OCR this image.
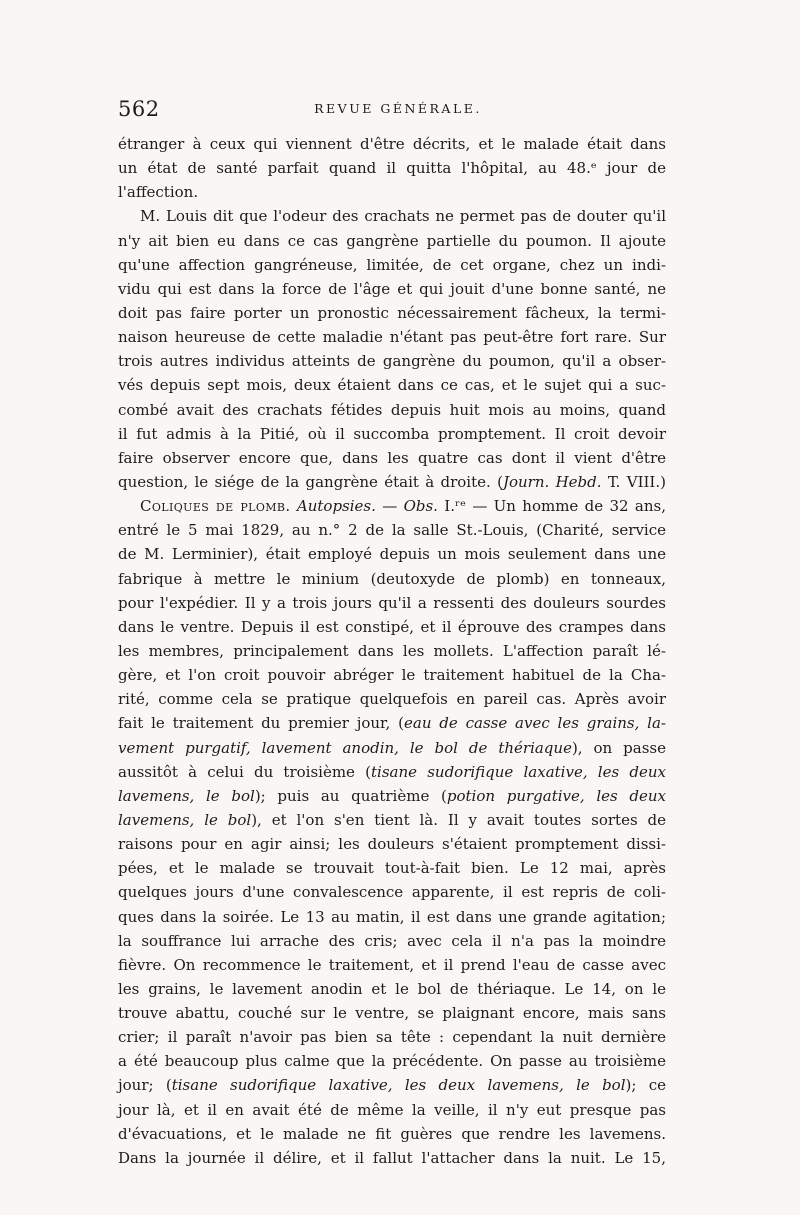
562	REVUE GÉNÉRALE.
étranger à ceux qui viennent d'être décrits, et le malade était dans
un état de santé parfait quand il quitta l'hôpital, au 48.ᵉ jour de
l'affection.
M. Louis dit que l'odeur des crachats ne permet pas de douter qu'il
n'y ait bien eu dans ce cas gangrène partielle du poumon. Il ajoute
qu'une affection gangréneuse, limitée, de cet organe, chez un indi-
vidu qui est dans la force de l'âge et qui jouit d'une bonne santé, ne
doit pas faire porter un pronostic nécessairement fâcheux, la termi-
naison heureuse de cette maladie n'étant pas peut-être fort rare. Sur
trois autres individus atteints de gangrène du poumon, qu'il a obser-
vés depuis sept mois, deux étaient dans ce cas, et le sujet qui a suc-
combé avait des crachats fétides depuis huit mois au moins, quand
il fut admis à la Pitié, où il succomba promptement. Il croit devoir
faire observer encore que, dans les quatre cas dont il vient d'être
question, le siége de la gangrène était à droite. (Journ. Hebd. T. VIII.)
Coliques de plomb. Autopsies. — Obs. I.ʳᵉ — Un homme de 32 ans,
entré le 5 mai 1829, au n.° 2 de la salle St.-Louis, (Charité, service
de M. Lerminier), était employé depuis un mois seulement dans une
fabrique à mettre le minium (deutoxyde de plomb) en tonneaux,
pour l'expédier. Il y a trois jours qu'il a ressenti des douleurs sourdes
dans le ventre. Depuis il est constipé, et il éprouve des crampes dans
les membres, principalement dans les mollets. L'affection paraît lé-
gère, et l'on croit pouvoir abréger le traitement habituel de la Cha-
rité, comme cela se pratique quelquefois en pareil cas. Après avoir
fait le traitement du premier jour, (eau de casse avec les grains, la-
vement purgatif, lavement anodin, le bol de thériaque), on passe
aussitôt à celui du troisième (tisane sudorifique laxative, les deux
lavemens, le bol); puis au quatrième (potion purgative, les deux
lavemens, le bol), et l'on s'en tient là. Il y avait toutes sortes de
raisons pour en agir ainsi; les douleurs s'étaient promptement dissi-
pées, et le malade se trouvait tout-à-fait bien. Le 12 mai, après
quelques jours d'une convalescence apparente, il est repris de coli-
ques dans la soirée. Le 13 au matin, il est dans une grande agitation;
la souffrance lui arrache des cris; avec cela il n'a pas la moindre
fièvre. On recommence le traitement, et il prend l'eau de casse avec
les grains, le lavement anodin et le bol de thériaque. Le 14, on le
trouve abattu, couché sur le ventre, se plaignant encore, mais sans
crier; il paraît n'avoir pas bien sa tête : cependant la nuit dernière
a été beaucoup plus calme que la précédente. On passe au troisième
jour; (tisane sudorifique laxative, les deux lavemens, le bol); ce
jour là, et il en avait été de même la veille, il n'y eut presque pas
d'évacuations, et le malade ne fit guères que rendre les lavemens.
Dans la journée il délire, et il fallut l'attacher dans la nuit. Le 15,
